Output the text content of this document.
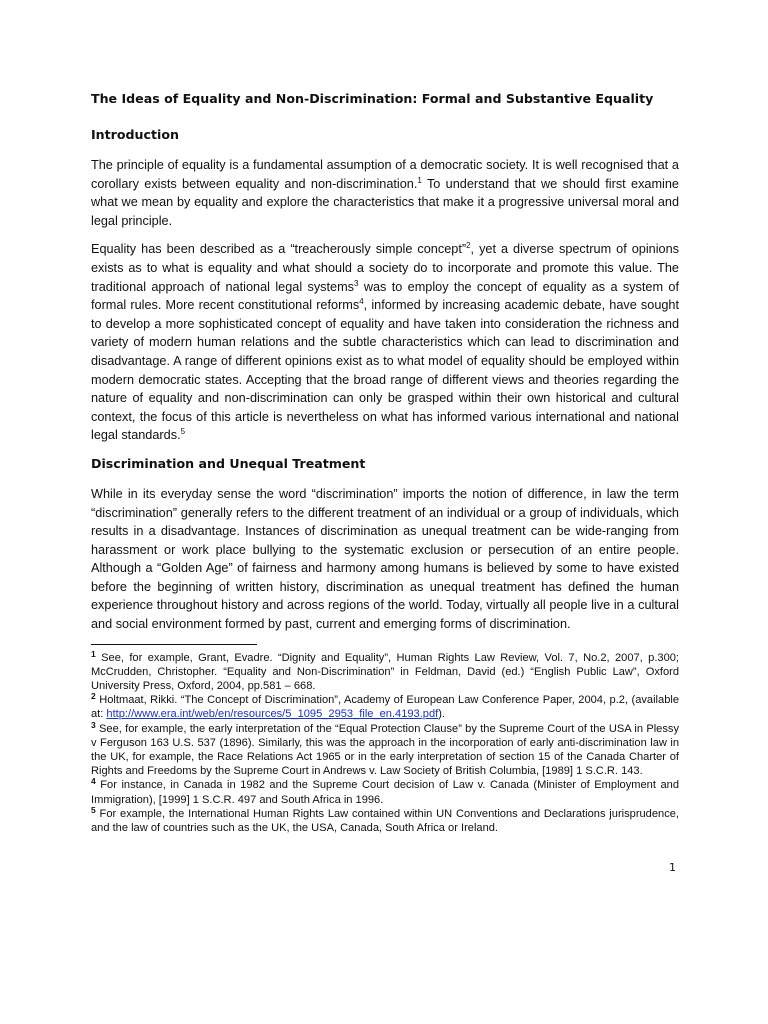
The Ideas of Equality and Non-Discrimination: Formal and Substantive Equality
Introduction

The principle of equality is a fundamental assumption of a democratic society. It is well recognised that a corollary exists between equality and non-discrimination.$^1$ To understand that we should first examine what we mean by equality and explore the characteristics that make it a progressive universal moral and legal principle.

Equality has been described as a “treacherously simple concept”$^2$, yet a diverse spectrum of opinions exists as to what is equality and what should a society do to incorporate and promote this value. The traditional approach of national legal systems$^3$ was to employ the concept of equality as a system of formal rules. More recent constitutional reforms$^4$, informed by increasing academic debate, have sought to develop a more sophisticated concept of equality and have taken into consideration the richness and variety of modern human relations and the subtle characteristics which can lead to discrimination and disadvantage. A range of different opinions exist as to what model of equality should be employed within modern democratic states. Accepting that the broad range of different views and theories regarding the nature of equality and non-discrimination can only be grasped within their own historical and cultural context, the focus of this article is nevertheless on what has informed various international and national legal standards.$^5$

Discrimination and Unequal Treatment

While in its everyday sense the word “discrimination” imports the notion of difference, in law the term “discrimination” generally refers to the different treatment of an individual or a group of individuals, which results in a disadvantage. Instances of discrimination as unequal treatment can be wide-ranging from harassment or work place bullying to the systematic exclusion or persecution of an entire people. Although a “Golden Age” of fairness and harmony among humans is believed by some to have existed before the beginning of written history, discrimination as unequal treatment has defined the human experience throughout history and across regions of the world. Today, virtually all people live in a cultural and social environment formed by past, current and emerging forms of discrimination.

$^1$ See, for example, Grant, Evadre. “Dignity and Equality”, Human Rights Law Review, Vol. 7, No.2, 2007, p.300; McCrudden, Christopher. “Equality and Non-Discrimination” in Feldman, David (ed.) “English Public Law”, Oxford University Press, Oxford, 2004, pp.581 – 668.

$^2$ Holtmaat, Rikki. “The Concept of Discrimination”, Academy of European Law Conference Paper, 2004, p.2, (available at: http://www.era.int/web/en/resources/5_1095_2953_file_en.4193.pdf).

$^3$ See, for example, the early interpretation of the “Equal Protection Clause” by the Supreme Court of the USA in Plessy v Ferguson 163 U.S. 537 (1896). Similarly, this was the approach in the incorporation of early anti-discrimination law in the UK, for example, the Race Relations Act 1965 or in the early interpretation of section 15 of the Canada Charter of Rights and Freedoms by the Supreme Court in Andrews v. Law Society of British Columbia, [1989] 1 S.C.R. 143.

$^4$ For instance, in Canada in 1982 and the Supreme Court decision of Law v. Canada (Minister of Employment and Immigration), [1999] 1 S.C.R. 497 and South Africa in 1996.

$^5$ For example, the International Human Rights Law contained within UN Conventions and Declarations jurisprudence, and the law of countries such as the UK, the USA, Canada, South Africa or Ireland.

1
